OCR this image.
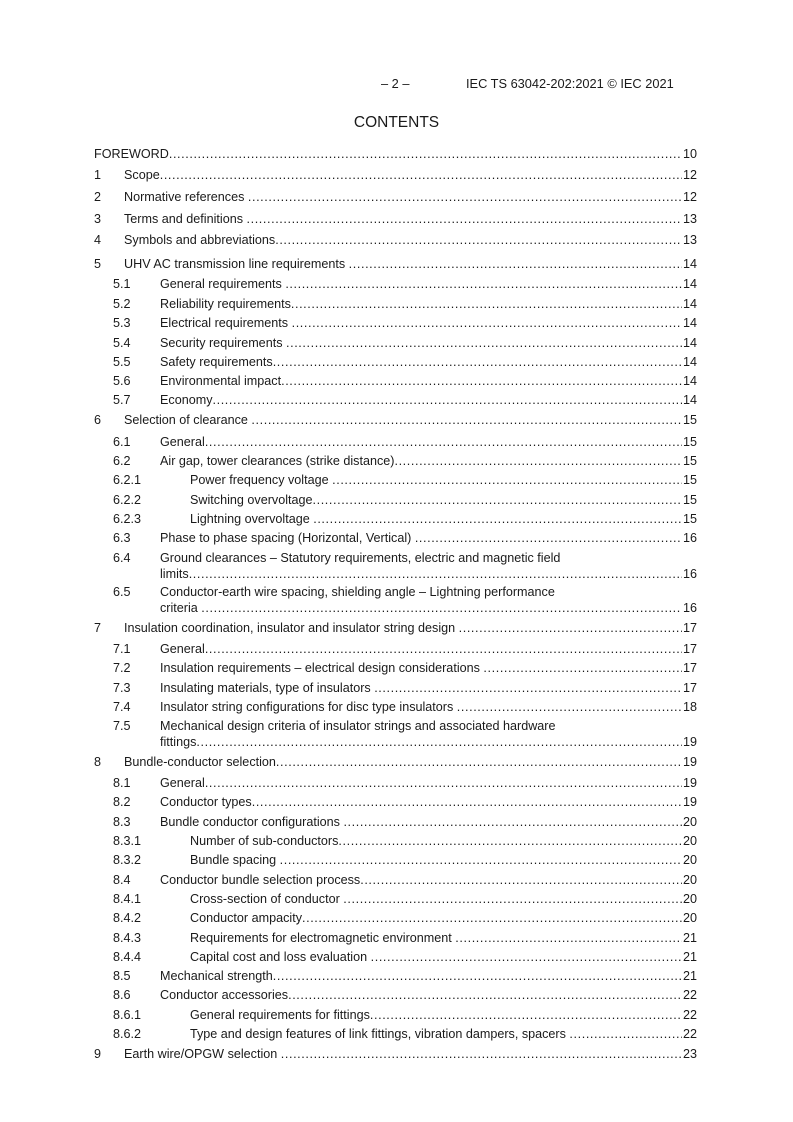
– 2 –	IEC TS 63042-202:2021 © IEC 2021
CONTENTS
FOREWORD .....	10
1 Scope .....	12
2 Normative references .....	12
3 Terms and definitions .....	13
4 Symbols and abbreviations .....	13
5 UHV AC transmission line requirements .....	14
5.1 General requirements .....	14
5.2 Reliability requirements .....	14
5.3 Electrical requirements .....	14
5.4 Security requirements .....	14
5.5 Safety requirements .....	14
5.6 Environmental impact .....	14
5.7 Economy .....	14
6 Selection of clearance .....	15
6.1 General .....	15
6.2 Air gap, tower clearances (strike distance) .....	15
6.2.1	Power frequency voltage .....	15
6.2.2	Switching overvoltage .....	15
6.2.3	Lightning overvoltage .....	15
6.3 Phase to phase spacing (Horizontal, Vertical) .....	16
6.4 Ground clearances – Statutory requirements, electric and magnetic field
limits .....	16
6.5 Conductor-earth wire spacing, shielding angle – Lightning performance
criteria .....	16
7 Insulation coordination, insulator and insulator string design .....	17
7.1 General .....	17
7.2 Insulation requirements – electrical design considerations .....	17
7.3 Insulating materials, type of insulators .....	17
7.4 Insulator string configurations for disc type insulators .....	18
7.5 Mechanical design criteria of insulator strings and associated hardware
fittings .....	19
8 Bundle-conductor selection .....	19
8.1 General .....	19
8.2 Conductor types .....	19
8.3 Bundle conductor configurations .....	20
8.3.1	Number of sub-conductors .....	20
8.3.2	Bundle spacing .....	20
8.4 Conductor bundle selection process .....	20
8.4.1	Cross-section of conductor .....	20
8.4.2	Conductor ampacity .....	20
8.4.3	Requirements for electromagnetic environment .....	21
8.4.4	Capital cost and loss evaluation .....	21
8.5 Mechanical strength .....	21
8.6 Conductor accessories .....	22
8.6.1	General requirements for fittings .....	22
8.6.2	Type and design features of link fittings, vibration dampers, spacers .....	22
9 Earth wire/OPGW selection .....	23
